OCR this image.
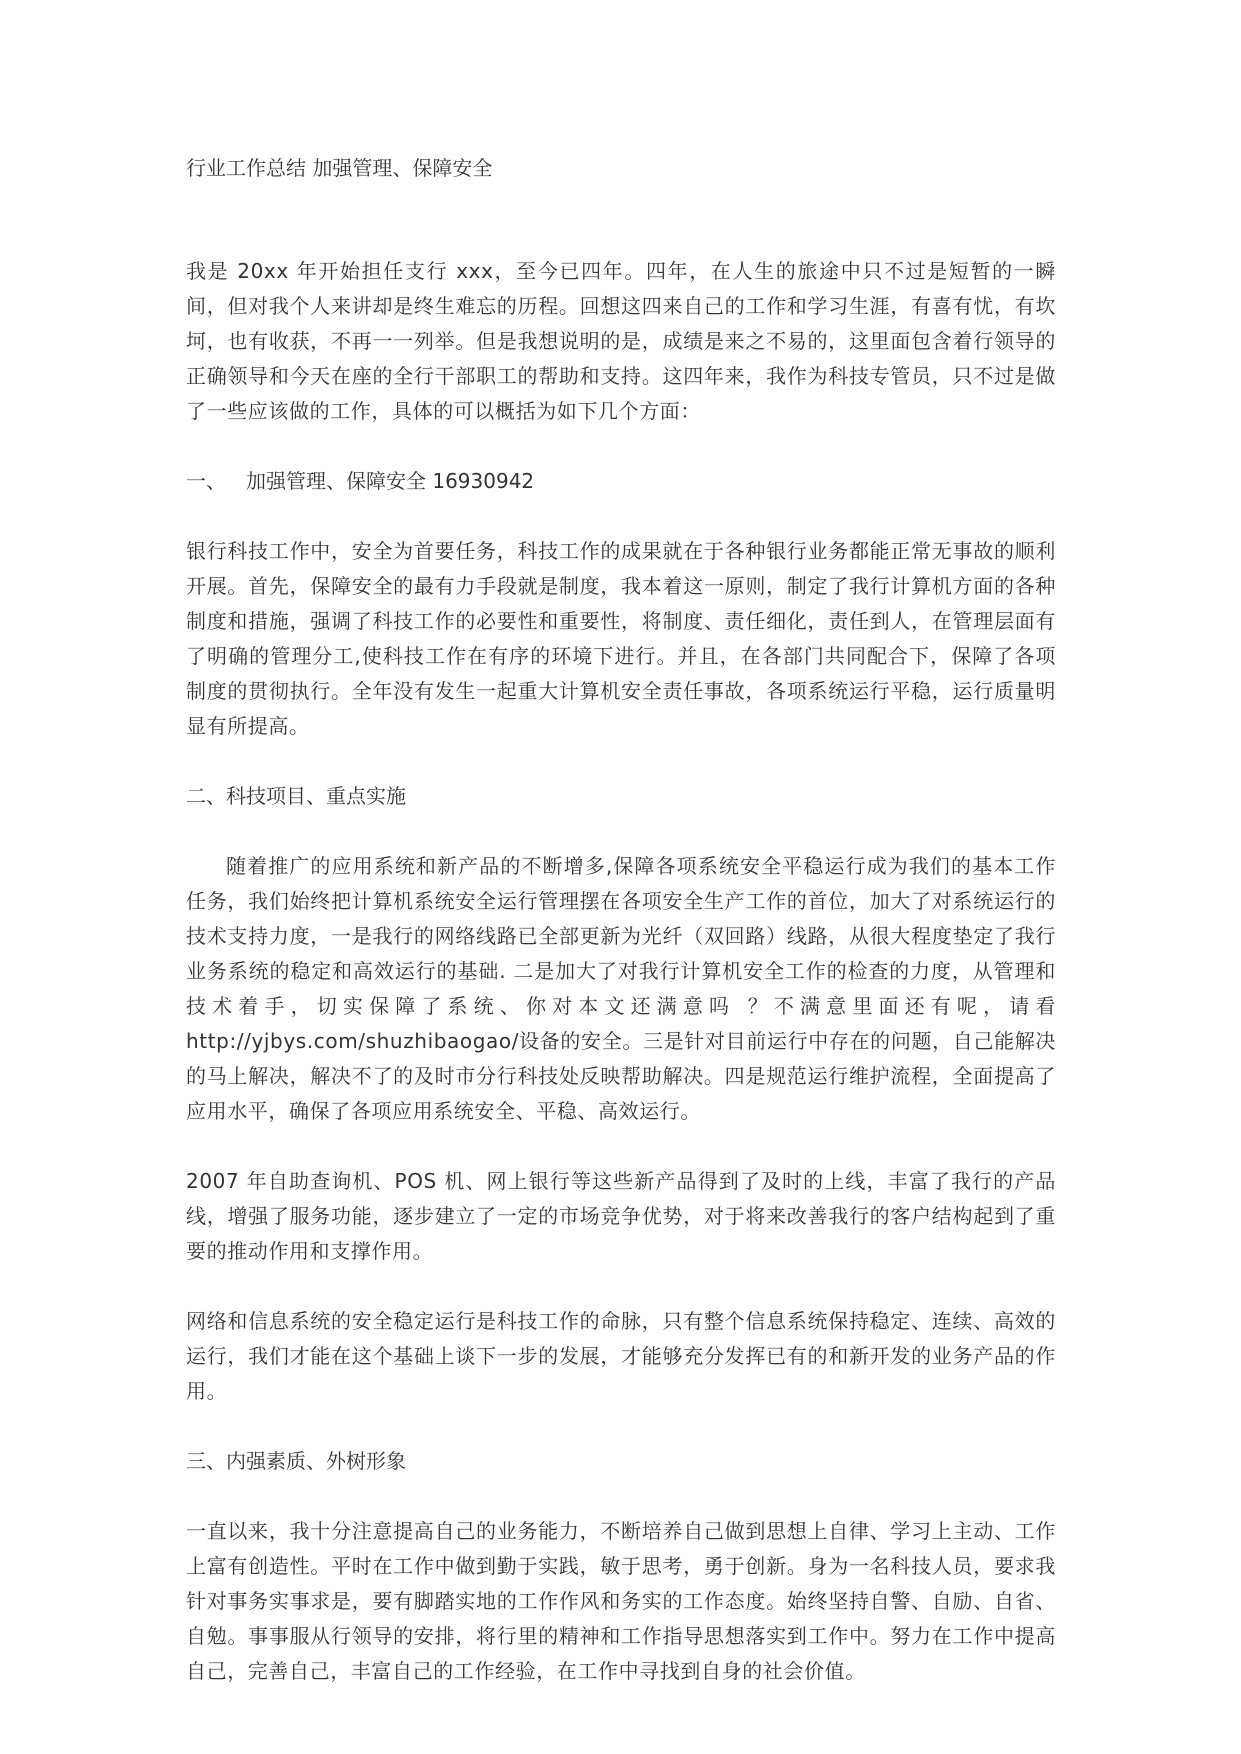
行业工作总结 加强管理、保障安全

我是 20xx 年开始担任支行 xxx，至今已四年。四年，在人生的旅途中只不过是短暂的一瞬间，但对我个人来讲却是终生难忘的历程。回想这四来自己的工作和学习生涯，有喜有忧，有坎坷，也有收获，不再一一列举。但是我想说明的是，成绩是来之不易的，这里面包含着行领导的正确领导和今天在座的全行干部职工的帮助和支持。这四年来，我作为科技专管员，只不过是做了一些应该做的工作，具体的可以概括为如下几个方面：

一、 加强管理、保障安全 16930942

银行科技工作中，安全为首要任务，科技工作的成果就在于各种银行业务都能正常无事故的顺利开展。首先，保障安全的最有力手段就是制度，我本着这一原则，制定了我行计算机方面的各种制度和措施，强调了科技工作的必要性和重要性，将制度、责任细化，责任到人，在管理层面有了明确的管理分工,使科技工作在有序的环境下进行。并且，在各部门共同配合下，保障了各项制度的贯彻执行。全年没有发生一起重大计算机安全责任事故，各项系统运行平稳，运行质量明显有所提高。

二、科技项目、重点实施

随着推广的应用系统和新产品的不断增多,保障各项系统安全平稳运行成为我们的基本工作任务，我们始终把计算机系统安全运行管理摆在各项安全生产工作的首位，加大了对系统运行的技术支持力度，一是我行的网络线路已全部更新为光纤（双回路）线路，从很大程度垫定了我行业务系统的稳定和高效运行的基础. 二是加大了对我行计算机安全工作的检查的力度，从管理和技术着手，切实保障了系统、你对本文还满意吗 ？不满意里面还有呢，请看 http://yjbys.com/shuzhibaogao/设备的安全。三是针对目前运行中存在的问题，自己能解决的马上解决，解决不了的及时市分行科技处反映帮助解决。四是规范运行维护流程，全面提高了应用水平，确保了各项应用系统安全、平稳、高效运行。

2007 年自助查询机、POS 机、网上银行等这些新产品得到了及时的上线，丰富了我行的产品线，增强了服务功能，逐步建立了一定的市场竞争优势，对于将来改善我行的客户结构起到了重要的推动作用和支撑作用。

网络和信息系统的安全稳定运行是科技工作的命脉，只有整个信息系统保持稳定、连续、高效的运行，我们才能在这个基础上谈下一步的发展，才能够充分发挥已有的和新开发的业务产品的作用。

三、内强素质、外树形象

一直以来，我十分注意提高自己的业务能力，不断培养自己做到思想上自律、学习上主动、工作上富有创造性。平时在工作中做到勤于实践，敏于思考，勇于创新。身为一名科技人员，要求我针对事务实事求是，要有脚踏实地的工作作风和务实的工作态度。始终坚持自警、自励、自省、自勉。事事服从行领导的安排，将行里的精神和工作指导思想落实到工作中。努力在工作中提高自己，完善自己，丰富自己的工作经验，在工作中寻找到自身的社会价值。
